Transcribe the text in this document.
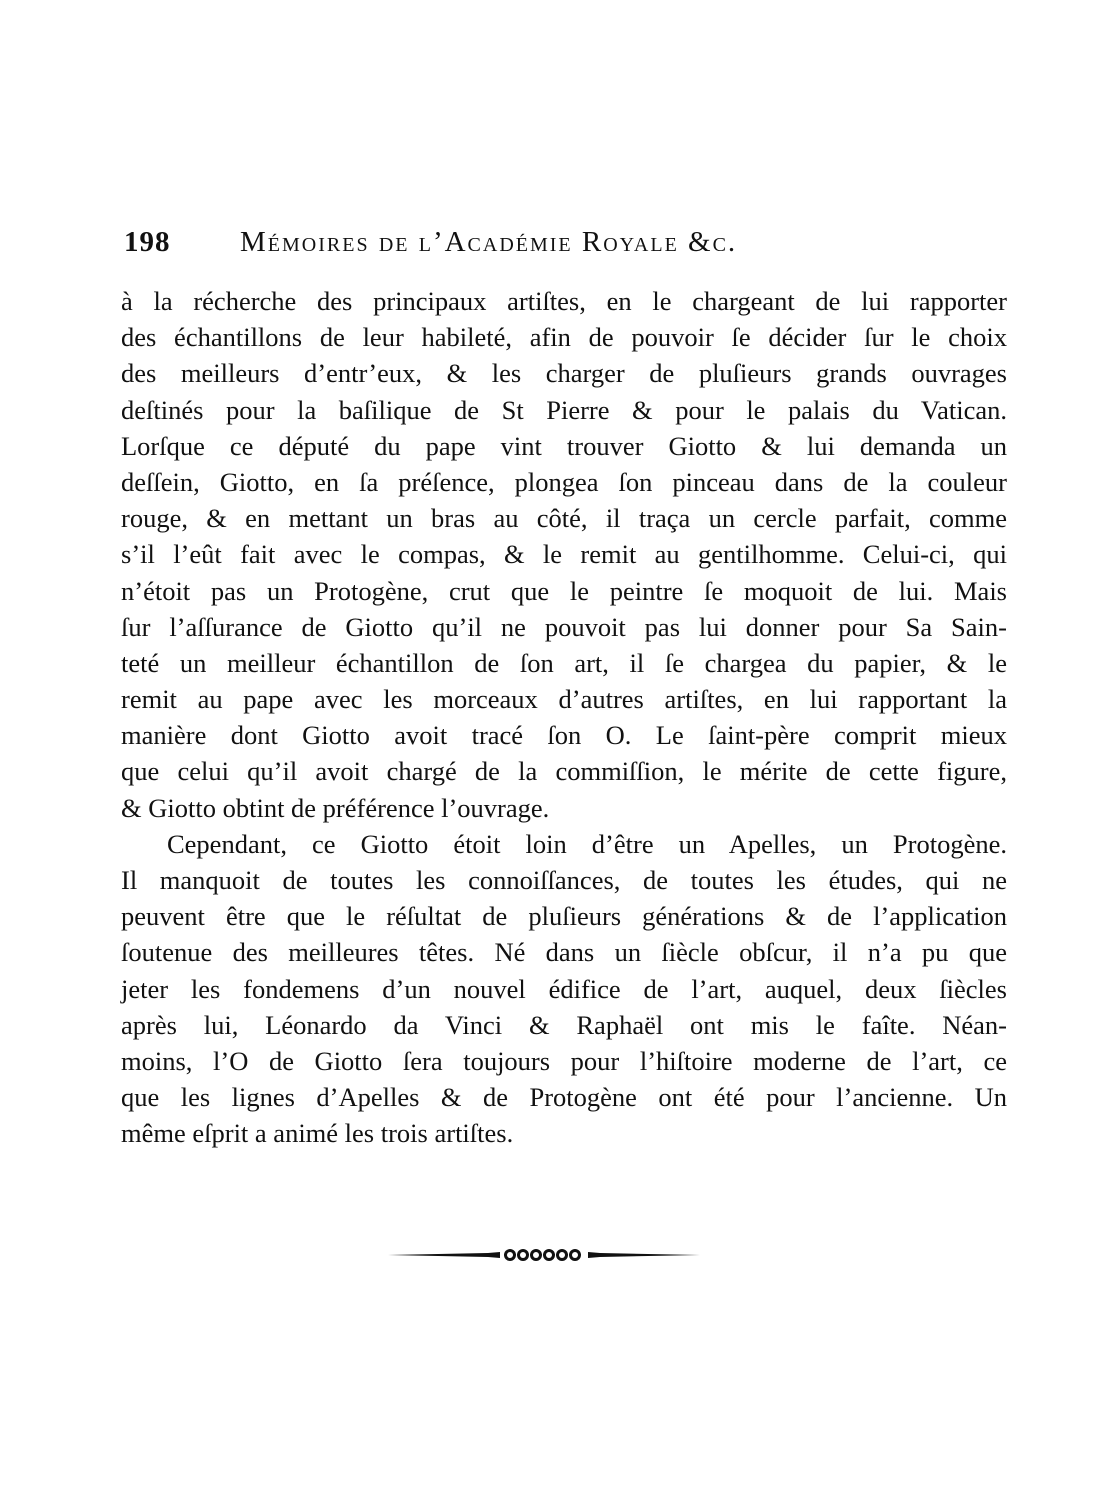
198 Mémoires de l’Académie Royale &c.
à la récherche des principaux artiſtes, en le chargeant de lui rapporter
des échantillons de leur habileté, afin de pouvoir ſe décider ſur le choix
des meilleurs d’entr’eux, & les charger de pluſieurs grands ouvrages
deſtinés pour la baſilique de St Pierre & pour le palais du Vatican.
Lorſque ce député du pape vint trouver Giotto & lui demanda un
deſſein, Giotto, en ſa préſence, plongea ſon pinceau dans de la couleur
rouge, & en mettant un bras au côté, il traça un cercle parfait, comme
s’il l’eût fait avec le compas, & le remit au gentilhomme. Celui-ci, qui
n’étoit pas un Protogène, crut que le peintre ſe moquoit de lui. Mais
ſur l’aſſurance de Giotto qu’il ne pouvoit pas lui donner pour Sa Sain-
teté un meilleur échantillon de ſon art, il ſe chargea du papier, & le
remit au pape avec les morceaux d’autres artiſtes, en lui rapportant la
manière dont Giotto avoit tracé ſon O. Le ſaint-père comprit mieux
que celui qu’il avoit chargé de la commiſſion, le mérite de cette figure,
& Giotto obtint de préférence l’ouvrage.
Cependant, ce Giotto étoit loin d’être un Apelles, un Protogène.
Il manquoit de toutes les connoiſſances, de toutes les études, qui ne
peuvent être que le réſultat de pluſieurs générations & de l’application
ſoutenue des meilleures têtes. Né dans un ſiècle obſcur, il n’a pu que
jeter les fondemens d’un nouvel édifice de l’art, auquel, deux ſiècles
après lui, Léonardo da Vinci & Raphaël ont mis le faîte. Néan-
moins, l’O de Giotto ſera toujours pour l’hiſtoire moderne de l’art, ce
que les lignes d’Apelles & de Protogène ont été pour l’ancienne. Un
même eſprit a animé les trois artiſtes.
